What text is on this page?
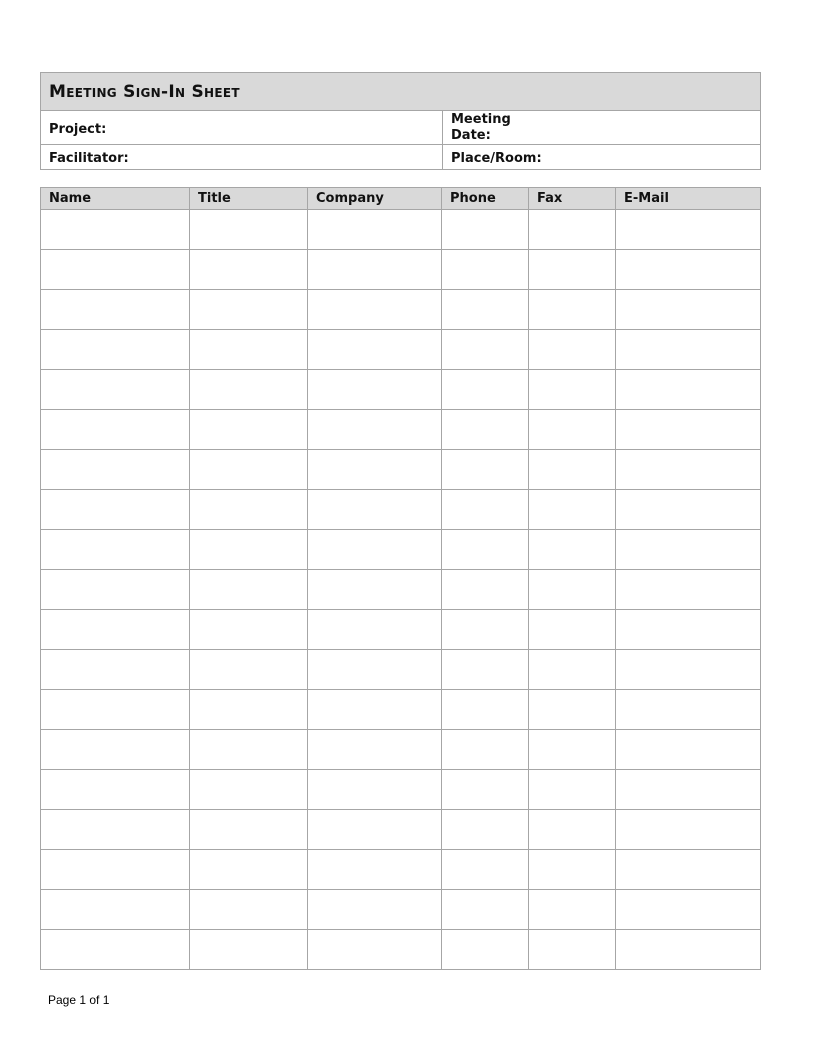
Meeting Sign-In Sheet	
Project:	Meeting Date:

Facilitator:	Place/Room:
Name	Title	Company	Phone	Fax	E-Mail

Page 1 of 1
